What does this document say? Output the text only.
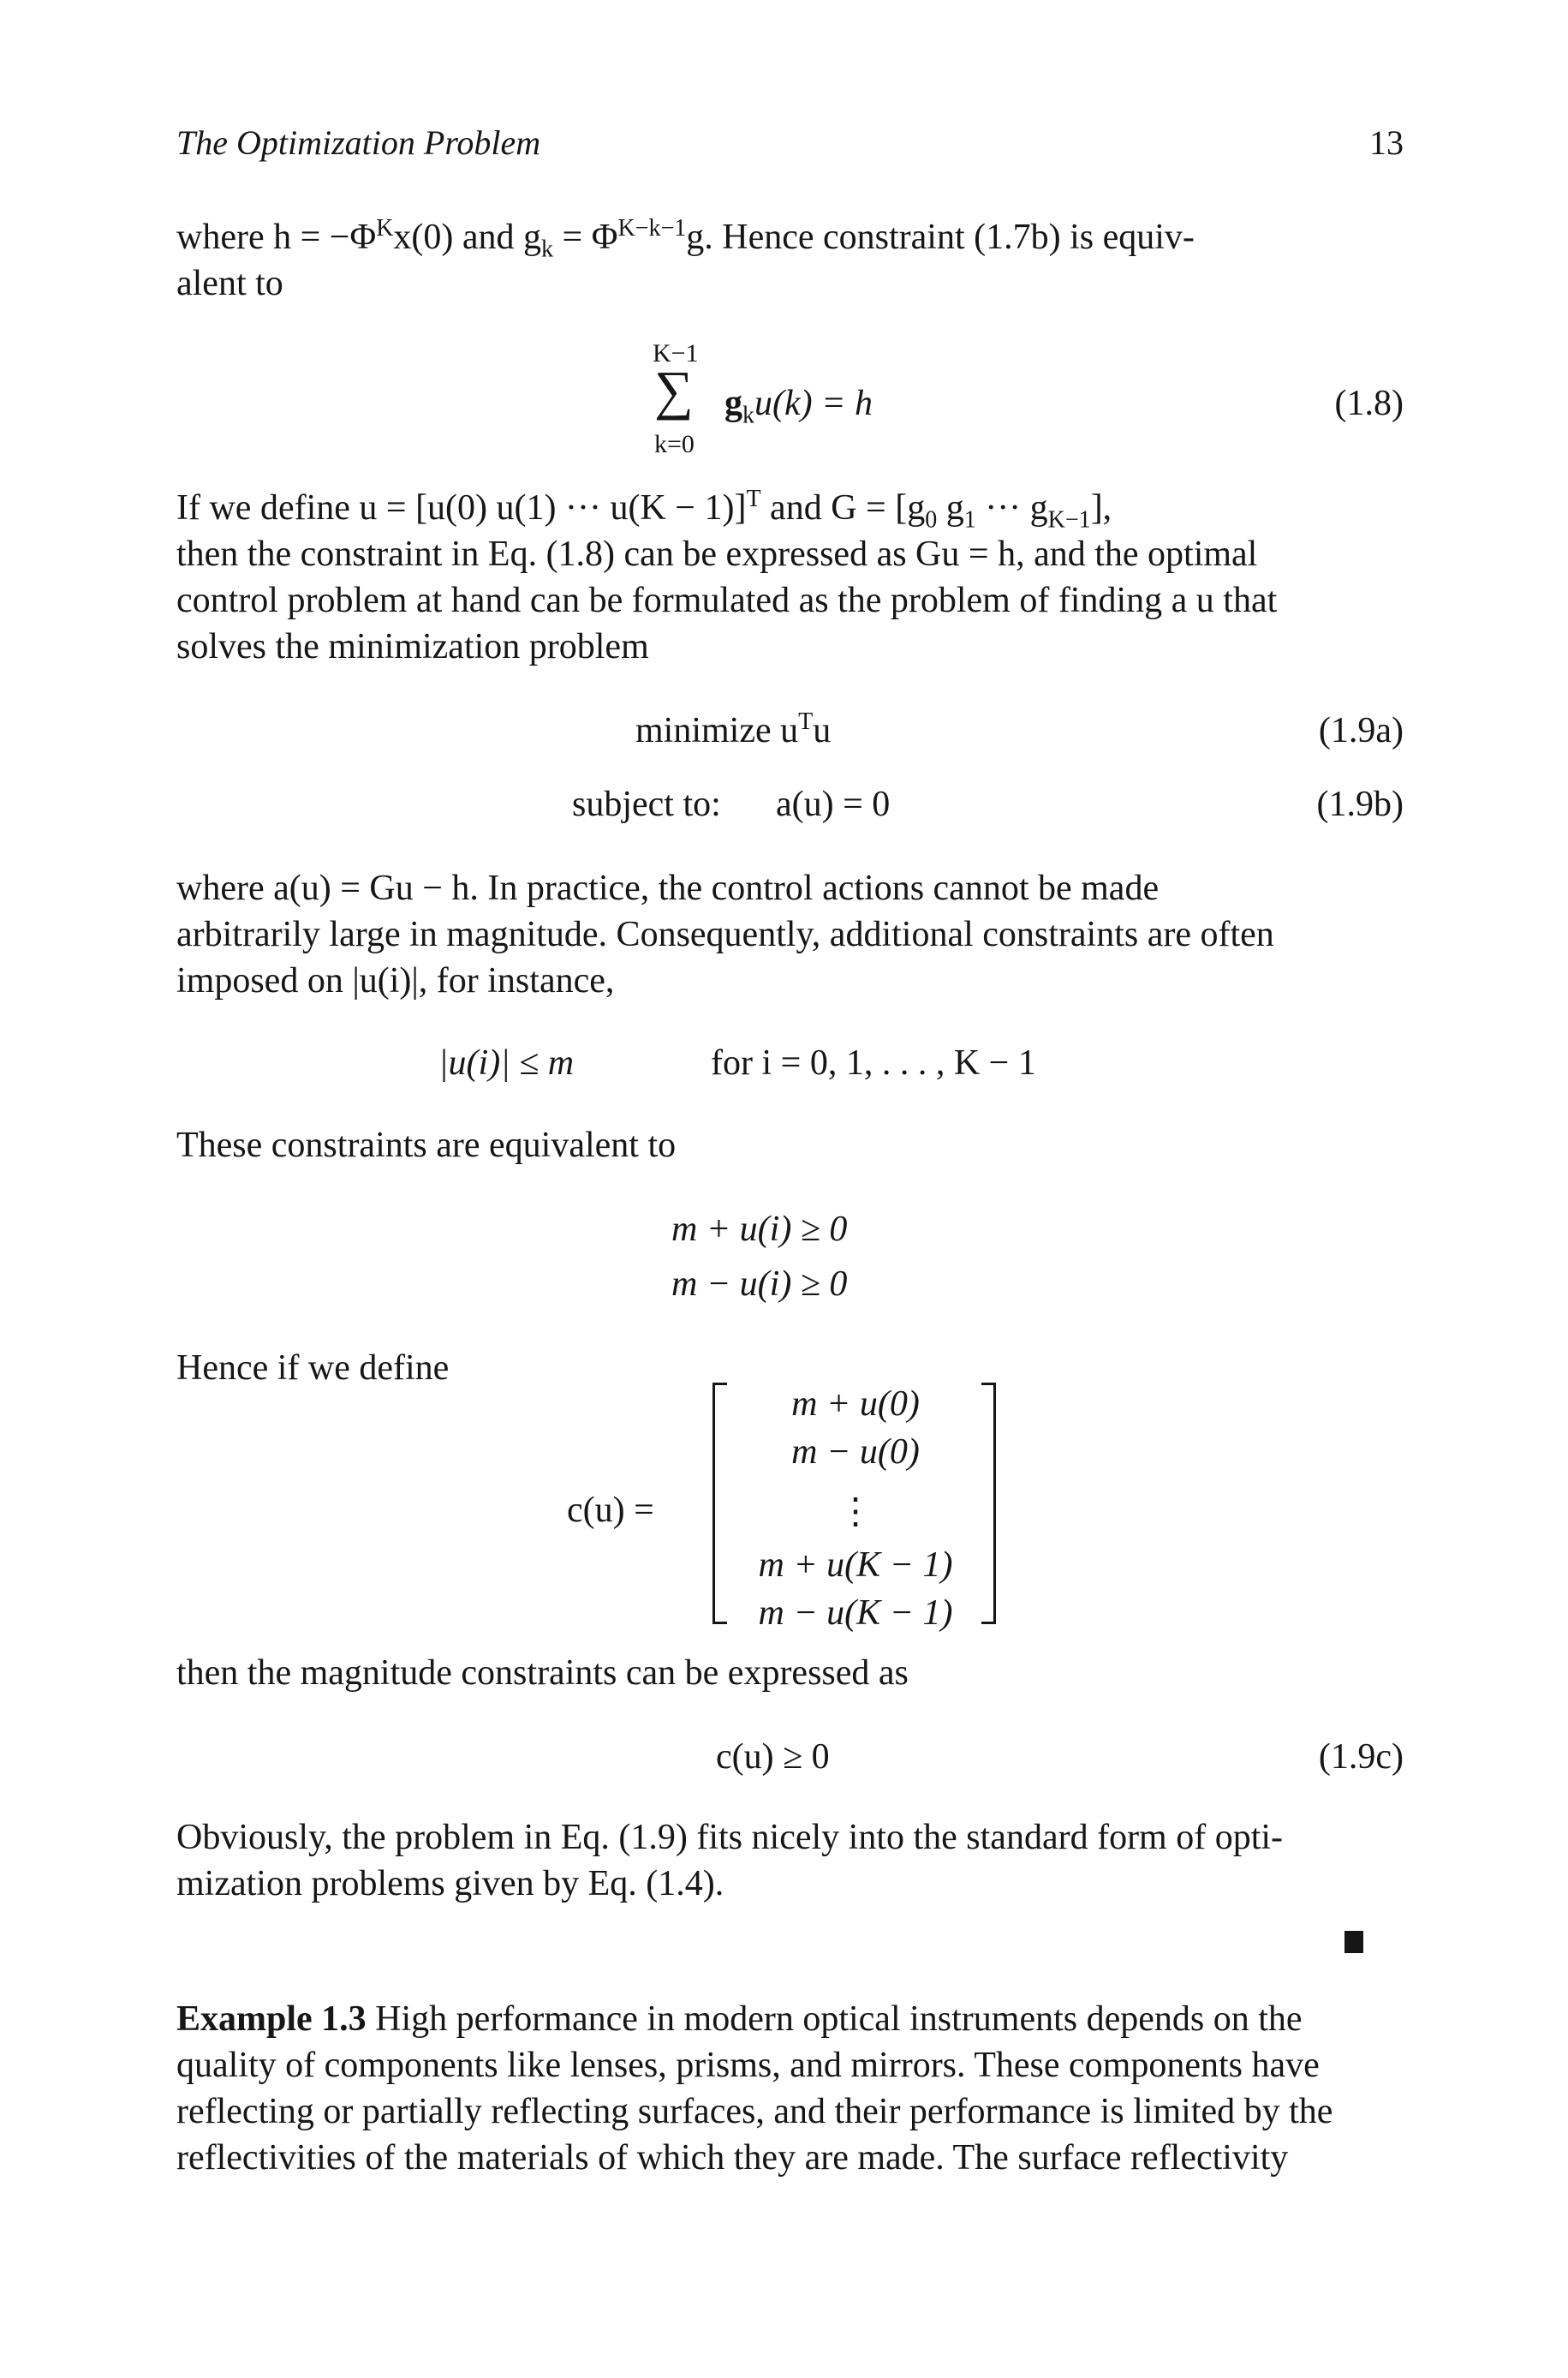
The Optimization Problem	13
where $h = -\Phi^Kx(0)$ and $g_k = \Phi^{K-k-1}g$. Hence constraint (1.7b) is equiv-
alent to
K−1
∑
k=0
$g_ku(k) = h$	(1.8)
If we define u = [u(0) u(1) ··· u(K − 1)]$^T$ and $G = [g_0$ $g_1$ ··· $g_{K-1}$],
then the constraint in Eq. (1.8) can be expressed as Gu = h, and the optimal
control problem at hand can be formulated as the problem of finding a u that
solves the minimization problem
minimize $u^Tu$	(1.9a)
subject to: a(u) = 0	(1.9b)
where a(u) = Gu − h. In practice, the control actions cannot be made
arbitrarily large in magnitude. Consequently, additional constraints are often
imposed on |u(i)|, for instance,
|u(i)| ≤ m	for i = 0, 1, . . . , K − 1
These constraints are equivalent to
m + u(i) ≥ 0
m − u(i) ≥ 0
Hence if we define
c(u) =
m + u(0)
m − u(0)
⋮
m + u(K − 1)
m − u(K − 1)
then the magnitude constraints can be expressed as
c(u) ≥ 0	(1.9c)
Obviously, the problem in Eq. (1.9) fits nicely into the standard form of opti-
mization problems given by Eq. (1.4).
Example 1.3 High performance in modern optical instruments depends on the
quality of components like lenses, prisms, and mirrors. These components have
reflecting or partially reflecting surfaces, and their performance is limited by the
reflectivities of the materials of which they are made. The surface reflectivity
